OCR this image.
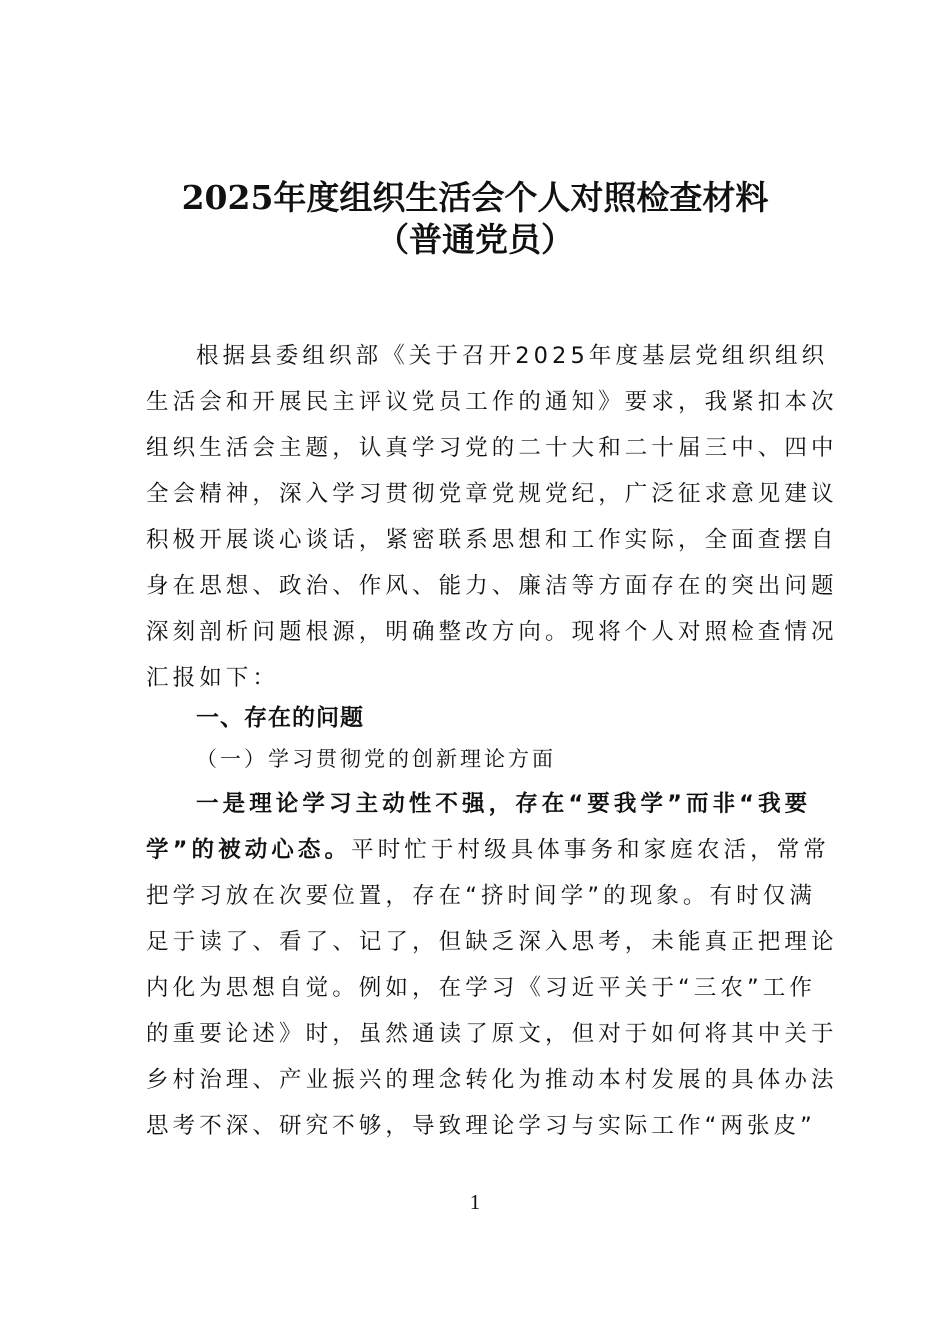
2025年度组织生活会个人对照检查材料
（普通党员）
根据县委组织部《关于召开2025年度基层党组织组织
生活会和开展民主评议党员工作的通知》要求，我紧扣本次
组织生活会主题，认真学习党的二十大和二十届三中、四中
全会精神，深入学习贯彻党章党规党纪，广泛征求意见建议
积极开展谈心谈话，紧密联系思想和工作实际，全面查摆自
身在思想、政治、作风、能力、廉洁等方面存在的突出问题
深刻剖析问题根源，明确整改方向。现将个人对照检查情况
汇报如下：
一、存在的问题
（一）学习贯彻党的创新理论方面
一是理论学习主动性不强，存在“要我学”而非“我要
学”的被动心态。平时忙于村级具体事务和家庭农活，常常
把学习放在次要位置，存在“挤时间学”的现象。有时仅满
足于读了、看了、记了，但缺乏深入思考，未能真正把理论
内化为思想自觉。例如，在学习《习近平关于“三农”工作
的重要论述》时，虽然通读了原文，但对于如何将其中关于
乡村治理、产业振兴的理念转化为推动本村发展的具体办法
思考不深、研究不够，导致理论学习与实际工作“两张皮”
1
